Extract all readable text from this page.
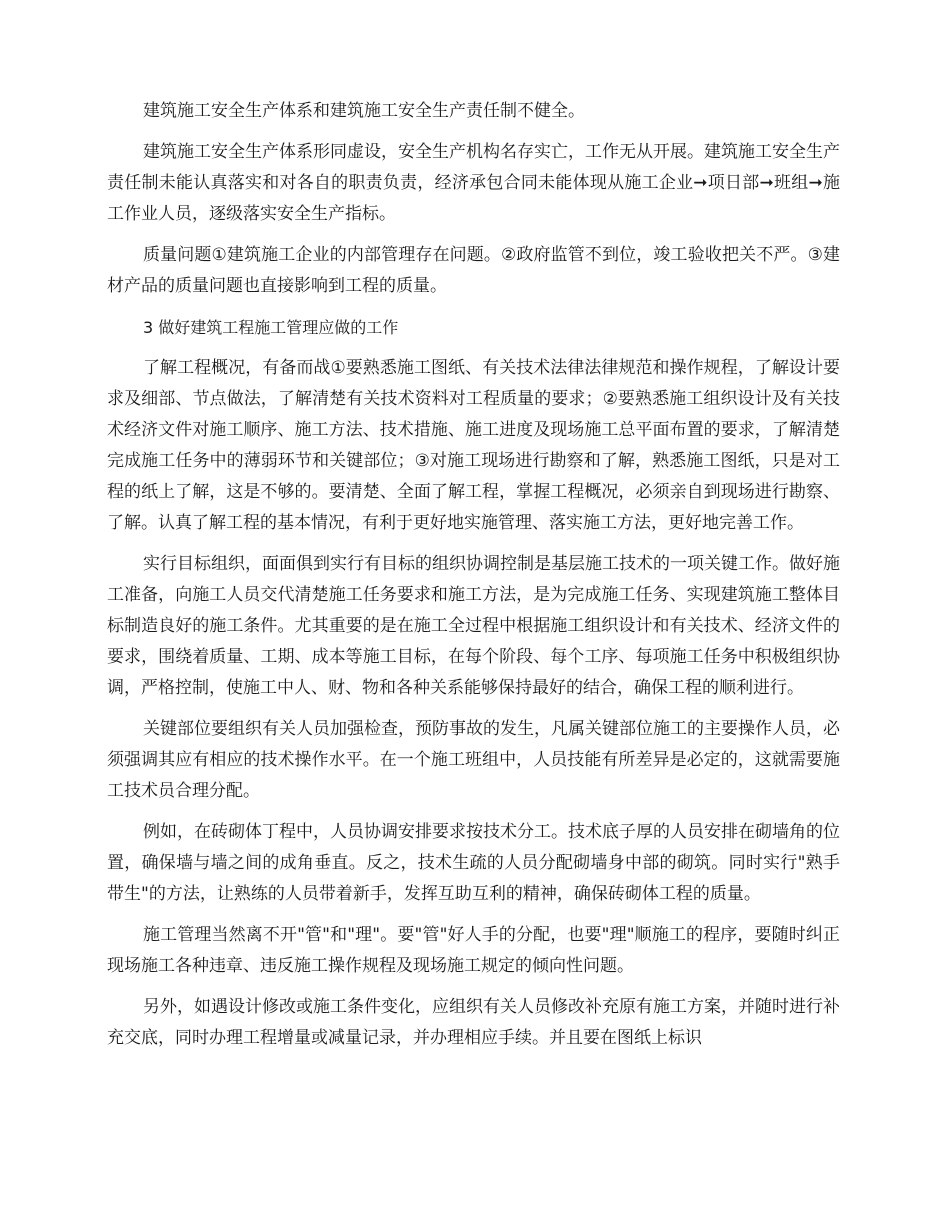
建筑施工安全生产体系和建筑施工安全生产责任制不健全。

建筑施工安全生产体系形同虚设，安全生产机构名存实亡，工作无从开展。建筑施工安全生产责任制未能认真落实和对各自的职责负责，经济承包合同未能体现从施工企业➞项日部➞班组➞施工作业人员，逐级落实安全生产指标。

质量问题①建筑施工企业的内部管理存在问题。②政府监管不到位，竣工验收把关不严。③建材产品的质量问题也直接影响到工程的质量。

3 做好建筑工程施工管理应做的工作

了解工程概况，有备而战①要熟悉施工图纸、有关技术法律法律规范和操作规程，了解设计要求及细部、节点做法，了解清楚有关技术资料对工程质量的要求；②要熟悉施工组织设计及有关技术经济文件对施工顺序、施工方法、技术措施、施工进度及现场施工总平面布置的要求，了解清楚完成施工任务中的薄弱环节和关键部位；③对施工现场进行勘察和了解，熟悉施工图纸，只是对工程的纸上了解，这是不够的。要清楚、全面了解工程，掌握工程概况，必须亲自到现场进行勘察、了解。认真了解工程的基本情况，有利于更好地实施管理、落实施工方法，更好地完善工作。

实行目标组织，面面俱到实行有目标的组织协调控制是基层施工技术的一项关键工作。做好施工准备，向施工人员交代清楚施工任务要求和施工方法，是为完成施工任务、实现建筑施工整体目标制造良好的施工条件。尤其重要的是在施工全过程中根据施工组织设计和有关技术、经济文件的要求，围绕着质量、工期、成本等施工目标，在每个阶段、每个工序、每项施工任务中积极组织协调，严格控制，使施工中人、财、物和各种关系能够保持最好的结合，确保工程的顺利进行。

关键部位要组织有关人员加强检查，预防事故的发生，凡属关键部位施工的主要操作人员，必须强调其应有相应的技术操作水平。在一个施工班组中，人员技能有所差异是必定的，这就需要施工技术员合理分配。

例如，在砖砌体丁程中，人员协调安排要求按技术分工。技术底子厚的人员安排在砌墙角的位置，确保墙与墙之间的成角垂直。反之，技术生疏的人员分配砌墙身中部的砌筑。同时实行"熟手带生"的方法，让熟练的人员带着新手，发挥互助互利的精神，确保砖砌体工程的质量。

施工管理当然离不开"管"和"理"。要"管"好人手的分配，也要"理"顺施工的程序，要随时纠正现场施工各种违章、违反施工操作规程及现场施工规定的倾向性问题。

另外，如遇设计修改或施工条件变化，应组织有关人员修改补充原有施工方案，并随时进行补充交底，同时办理工程增量或减量记录，并办理相应手续。并且要在图纸上标识
